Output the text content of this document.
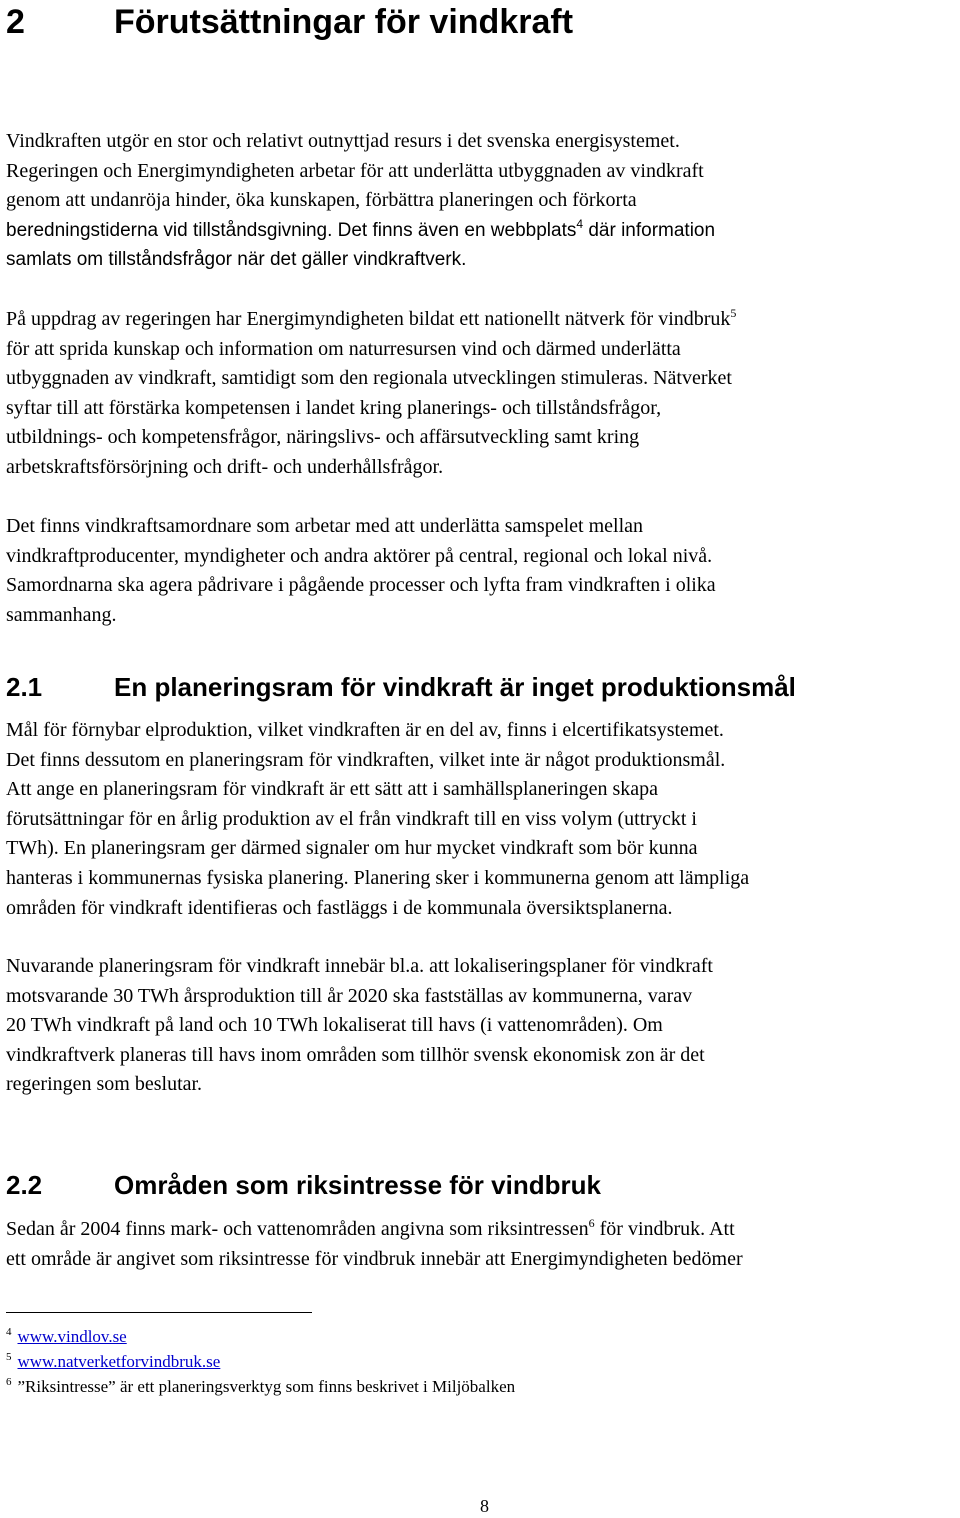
2	Förutsättningar för vindkraft
Vindkraften utgör en stor och relativt outnyttjad resurs i det svenska energisystemet.
Regeringen och Energimyndigheten arbetar för att underlätta utbyggnaden av vindkraft
genom att undanröja hinder, öka kunskapen, förbättra planeringen och förkorta
beredningstiderna vid tillståndsgivning. Det finns även en webbplats$^4$ där information
samlats om tillståndsfrågor när det gäller vindkraftverk.
På uppdrag av regeringen har Energimyndigheten bildat ett nationellt nätverk för vindbruk$^5$
för att sprida kunskap och information om naturresursen vind och därmed underlätta
utbyggnaden av vindkraft, samtidigt som den regionala utvecklingen stimuleras. Nätverket
syftar till att förstärka kompetensen i landet kring planerings- och tillståndsfrågor,
utbildnings- och kompetensfrågor, näringslivs- och affärsutveckling samt kring
arbetskraftsförsörjning och drift- och underhållsfrågor.
Det finns vindkraftsamordnare som arbetar med att underlätta samspelet mellan
vindkraftproducenter, myndigheter och andra aktörer på central, regional och lokal nivå.
Samordnarna ska agera pådrivare i pågående processer och lyfta fram vindkraften i olika
sammanhang.
2.1	En planeringsram för vindkraft är inget produktionsmål
Mål för förnybar elproduktion, vilket vindkraften är en del av, finns i elcertifikatsystemet.
Det finns dessutom en planeringsram för vindkraften, vilket inte är något produktionsmål.
Att ange en planeringsram för vindkraft är ett sätt att i samhällsplaneringen skapa
förutsättningar för en årlig produktion av el från vindkraft till en viss volym (uttryckt i
TWh). En planeringsram ger därmed signaler om hur mycket vindkraft som bör kunna
hanteras i kommunernas fysiska planering. Planering sker i kommunerna genom att lämpliga
områden för vindkraft identifieras och fastläggs i de kommunala översiktsplanerna.
Nuvarande planeringsram för vindkraft innebär bl.a. att lokaliseringsplaner för vindkraft
motsvarande 30 TWh årsproduktion till år 2020 ska fastställas av kommunerna, varav
20 TWh vindkraft på land och 10 TWh lokaliserat till havs (i vattenområden). Om
vindkraftverk planeras till havs inom områden som tillhör svensk ekonomisk zon är det
regeringen som beslutar.
2.2	Områden som riksintresse för vindbruk
Sedan år 2004 finns mark- och vattenområden angivna som riksintressen$^6$ för vindbruk. Att
ett område är angivet som riksintresse för vindbruk innebär att Energimyndigheten bedömer
$^4$ www.vindlov.se
$^5$ www.natverketforvindbruk.se
$^6$ ”Riksintresse” är ett planeringsverktyg som finns beskrivet i Miljöbalken
8
